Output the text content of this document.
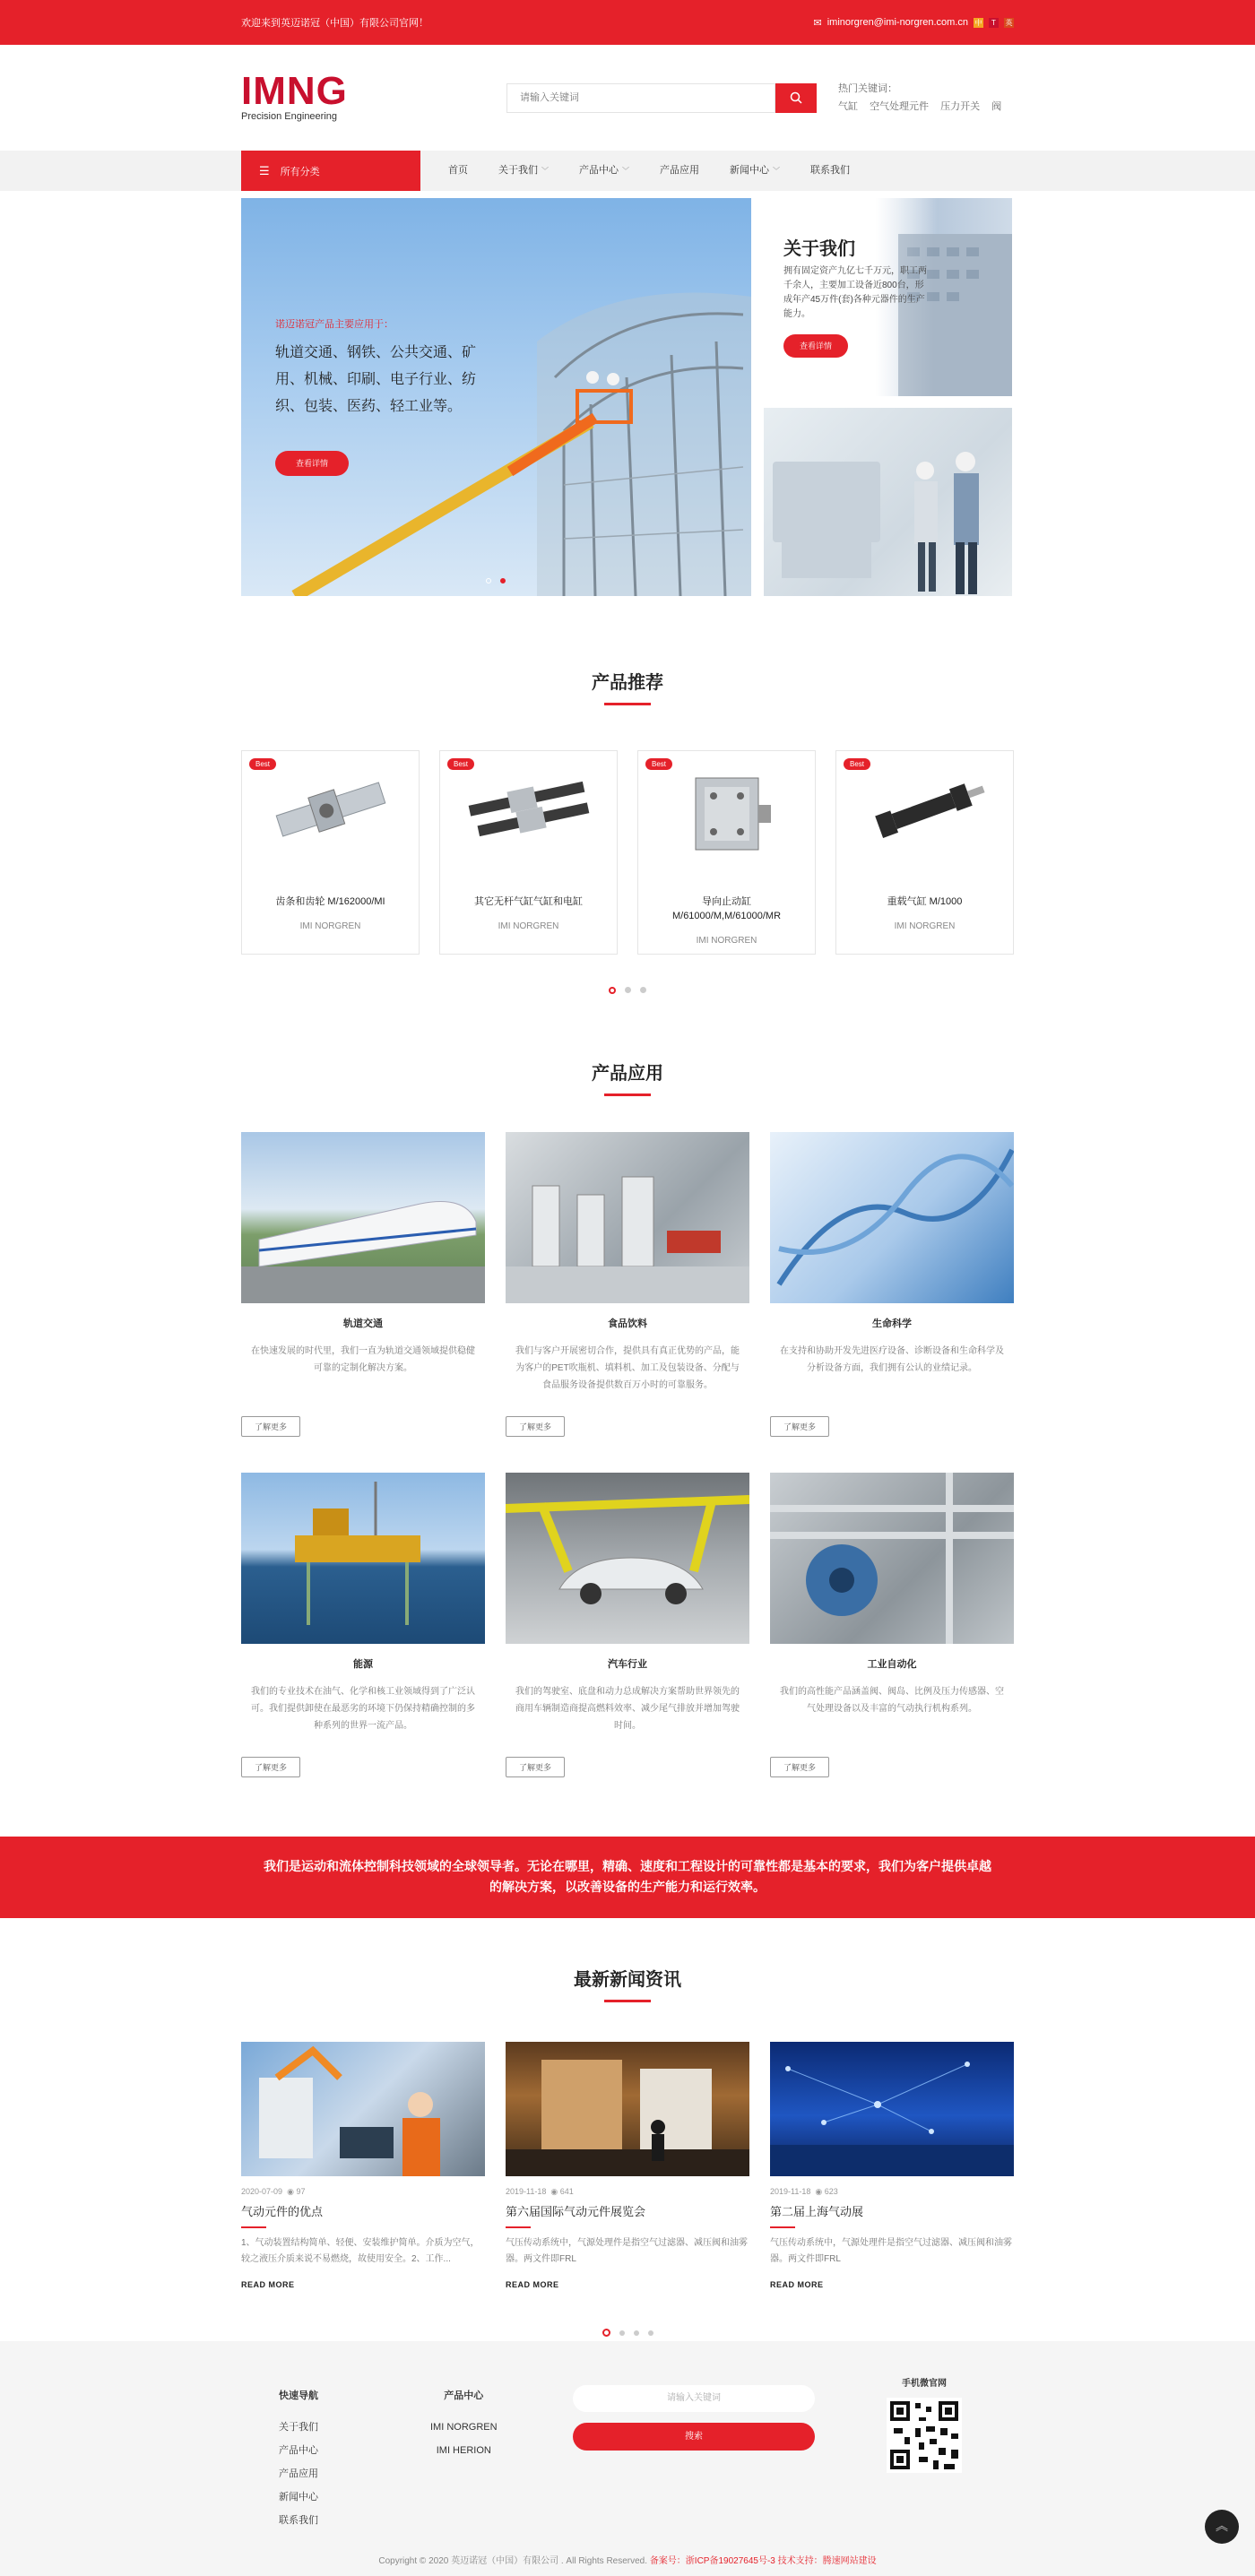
欢迎来到英迈诺冠（中国）有限公司官网！	✉ iminorgren@imi-norgren.com.cn 中	T	英
IMNG
Precision Engineering
请输入关键词
热门关键词：
气缸 空气处理元件 压力开关 阀
☰ 所有分类	首页	关于我们 ﹀	产品中心 ﹀	产品应用	新闻中心 ﹀	联系我们
诺迈诺冠产品主要应用于：
轨道交通、钢铁、公共交通、矿用、机械、印刷、电子行业、纺织、包装、医药、轻工业等。
查看详情
关于我们

拥有固定资产九亿七千万元，职工两千余人，主要加工设备近800台，形成年产45万件(套)各种元器件的生产能力。

查看详情
产品推荐
Best
齿条和齿轮 M/162000/MI
IMI NORGREN
Best
其它无杆气缸气缸和电缸
IMI NORGREN
Best
导向止动缸 M/61000/M,M/61000/MR
IMI NORGREN
Best
重载气缸 M/1000
IMI NORGREN
产品应用
轨道交通

在快速发展的时代里，我们一直为轨道交通领域提供稳健可靠的定制化解决方案。

了解更多
食品饮料

我们与客户开展密切合作，提供具有真正优势的产品，能为客户的PET吹瓶机、填料机、加工及包装设备、分配与食品服务设备提供数百万小时的可靠服务。

了解更多
生命科学

在支持和协助开发先进医疗设备、诊断设备和生命科学及分析设备方面，我们拥有公认的业绩记录。

了解更多
能源

我们的专业技术在油气、化学和核工业领域得到了广泛认可。我们提供卸使在最恶劣的环境下仍保持精确控制的多种系列的世界一流产品。

了解更多
汽车行业

我们的驾驶室、底盘和动力总成解决方案帮助世界领先的商用车辆制造商提高燃料效率、减少尾气排放并增加驾驶时间。

了解更多
工业自动化

我们的高性能产品涵盖阀、阀岛、比例及压力传感器、空气处理设备以及丰富的气动执行机构系列。

了解更多
我们是运动和流体控制科技领域的全球领导者。无论在哪里，精确、速度和工程设计的可靠性都是基本的要求，我们为客户提供卓越
的解决方案，以改善设备的生产能力和运行效率。
最新新闻资讯
2020-07-09 ◉ 97
气动元件的优点
1、气动装置结构简单、轻便、安装维护简单。介质为空气，较之液压介质来说不易燃烧，故使用安全。2、工作...
READ MORE
2019-11-18 ◉ 641
第六届国际气动元件展览会
气压传动系统中，气源处理件是指空气过滤器、减压阀和油雾器。两文件即FRL
READ MORE
2019-11-18 ◉ 623
第二届上海气动展
气压传动系统中，气源处理件是指空气过滤器、减压阀和油雾器。两文件即FRL
READ MORE
快速导航
关于我们
产品中心
产品应用
新闻中心
联系我们
产品中心
IMI NORGREN
IMI HERION
请输入关键词
搜索
手机微官网
Copyright © 2020 英迈诺冠（中国）有限公司 . All Rights Reserved. 备案号：浙ICP备19027645号-3 技术支持：腾速网站建设
︽
